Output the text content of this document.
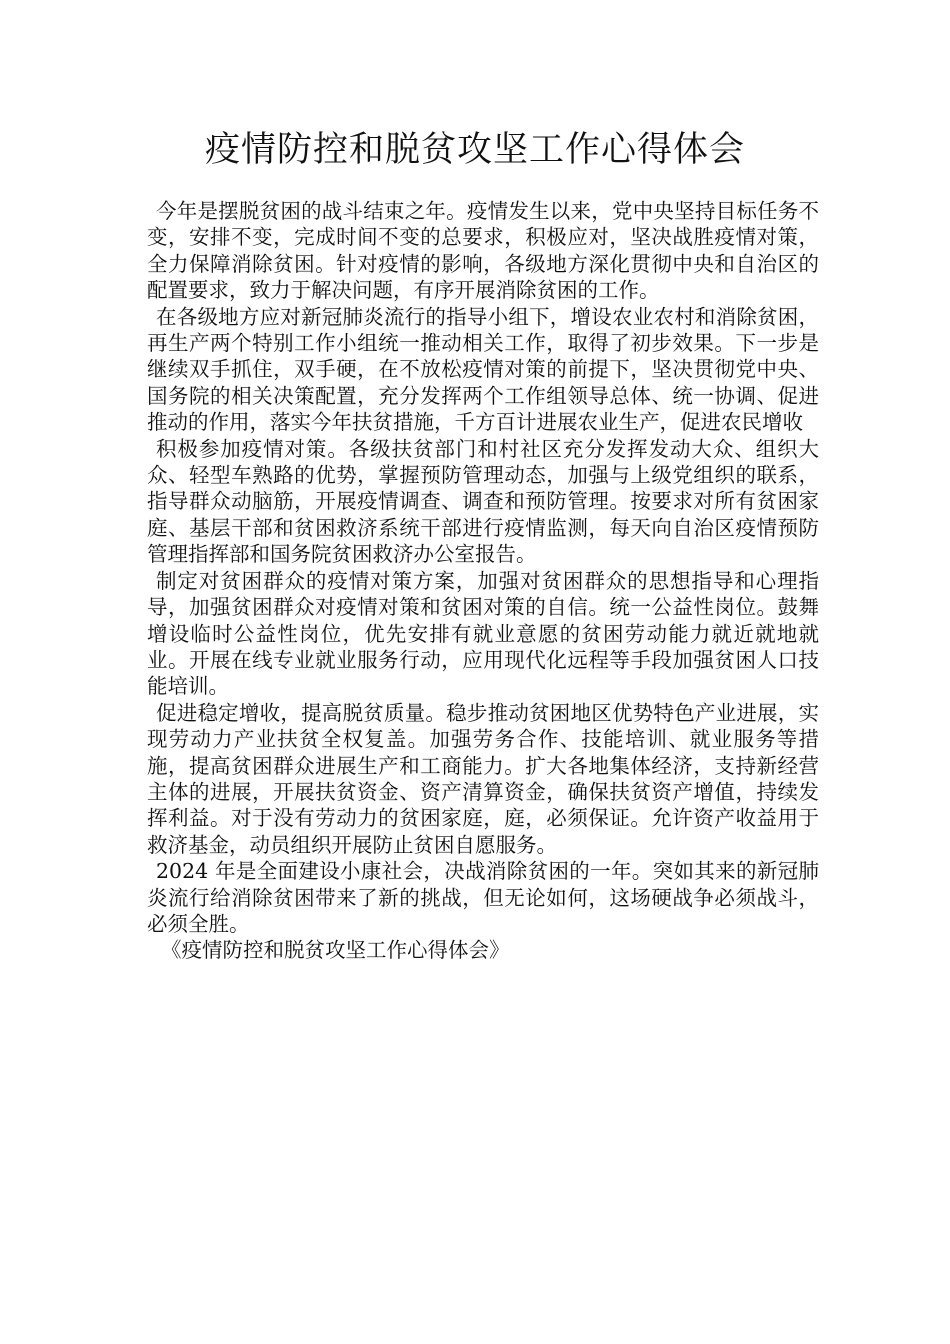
疫情防控和脱贫攻坚工作心得体会

今年是摆脱贫困的战斗结束之年。疫情发生以来，党中央坚持目标任务不变，安排不变，完成时间不变的总要求，积极应对，坚决战胜疫情对策，全力保障消除贫困。针对疫情的影响，各级地方深化贯彻中央和自治区的配置要求，致力于解决问题，有序开展消除贫困的工作。

在各级地方应对新冠肺炎流行的指导小组下，增设农业农村和消除贫困，再生产两个特别工作小组统一推动相关工作，取得了初步效果。下一步是继续双手抓住，双手硬，在不放松疫情对策的前提下，坚决贯彻党中央、国务院的相关决策配置，充分发挥两个工作组领导总体、统一协调、促进推动的作用，落实今年扶贫措施，千方百计进展农业生产，促进农民增收

积极参加疫情对策。各级扶贫部门和村社区充分发挥发动大众、组织大众、轻型车熟路的优势，掌握预防管理动态，加强与上级党组织的联系，指导群众动脑筋，开展疫情调查、调查和预防管理。按要求对所有贫困家庭、基层干部和贫困救济系统干部进行疫情监测，每天向自治区疫情预防管理指挥部和国务院贫困救济办公室报告。

制定对贫困群众的疫情对策方案，加强对贫困群众的思想指导和心理指导，加强贫困群众对疫情对策和贫困对策的自信。统一公益性岗位。鼓舞增设临时公益性岗位，优先安排有就业意愿的贫困劳动能力就近就地就业。开展在线专业就业服务行动，应用现代化远程等手段加强贫困人口技能培训。

促进稳定增收，提高脱贫质量。稳步推动贫困地区优势特色产业进展，实现劳动力产业扶贫全权复盖。加强劳务合作、技能培训、就业服务等措施，提高贫困群众进展生产和工商能力。扩大各地集体经济，支持新经营主体的进展，开展扶贫资金、资产清算资金，确保扶贫资产增值，持续发挥利益。对于没有劳动力的贫困家庭，庭，必须保证。允许资产收益用于救济基金，动员组织开展防止贫困自愿服务。

2024 年是全面建设小康社会，决战消除贫困的一年。突如其来的新冠肺炎流行给消除贫困带来了新的挑战，但无论如何，这场硬战争必须战斗，必须全胜。

《疫情防控和脱贫攻坚工作心得体会》
